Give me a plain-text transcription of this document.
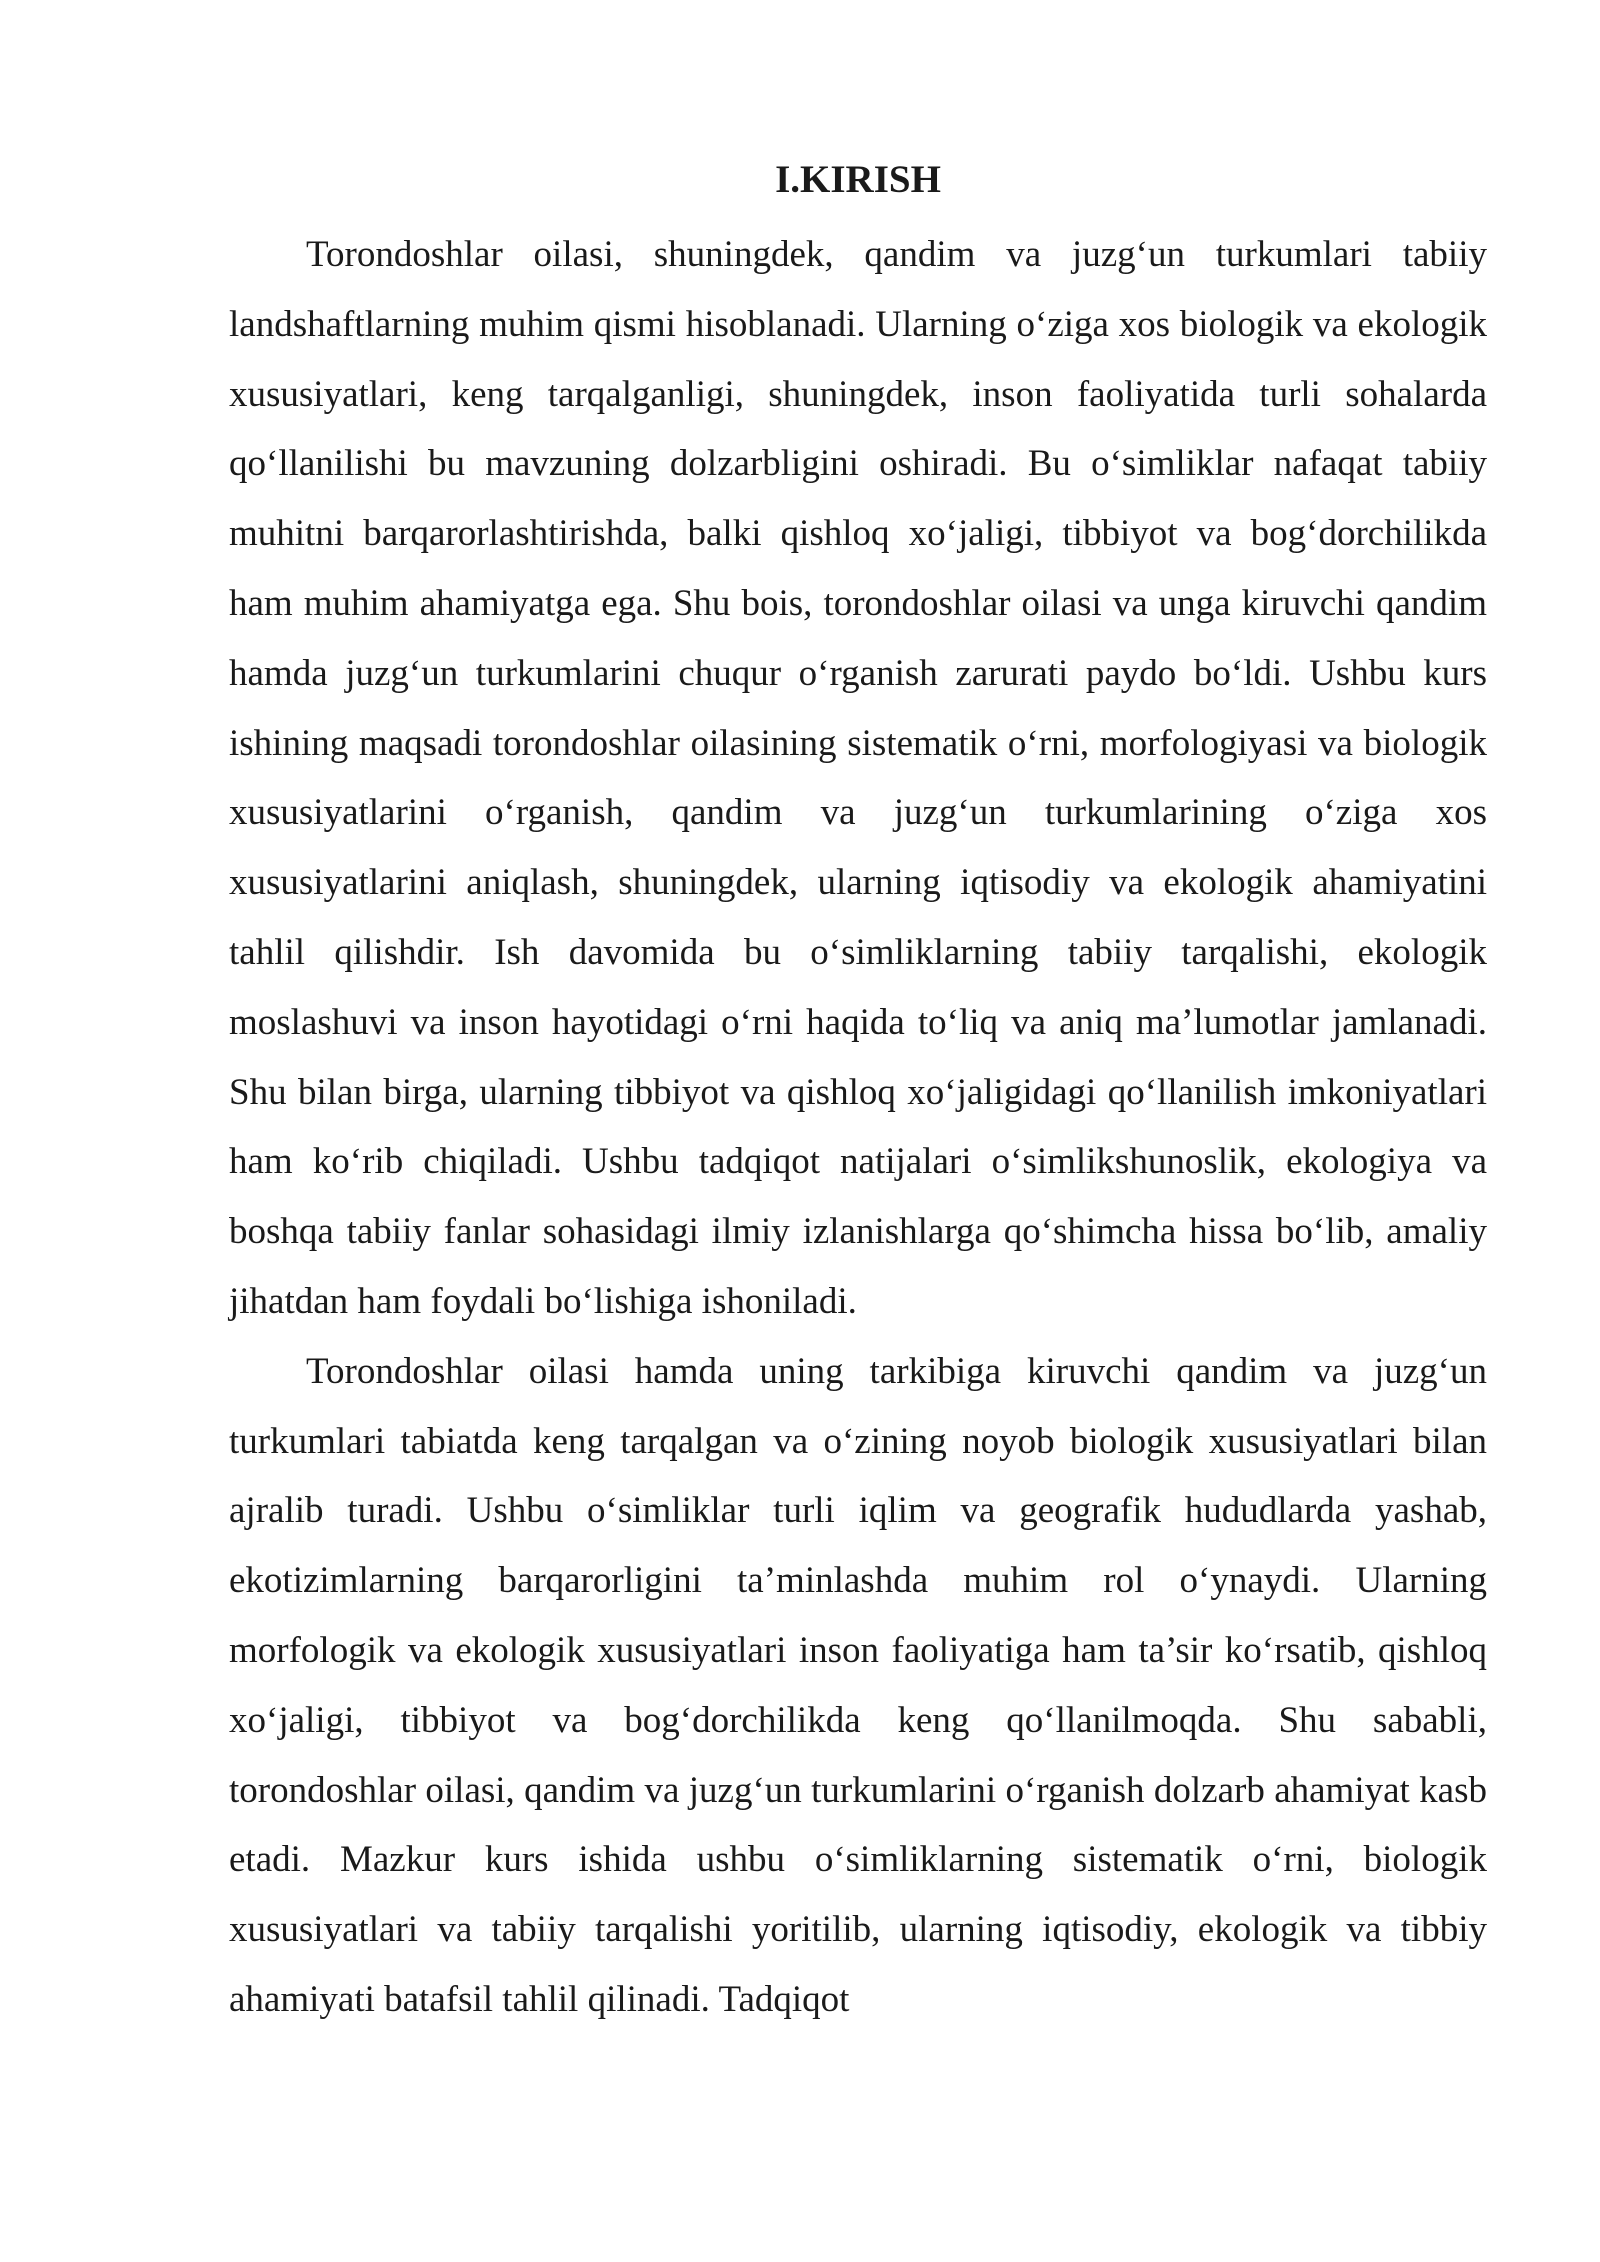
I.KIRISH

Torondoshlar oilasi, shuningdek, qandim va juzg‘un turkumlari tabiiy landshaftlarning muhim qismi hisoblanadi. Ularning o‘ziga xos biologik va ekologik xususiyatlari, keng tarqalganligi, shuningdek, inson faoliyatida turli sohalarda qo‘llanilishi bu mavzuning dolzarbligini oshiradi. Bu o‘simliklar nafaqat tabiiy muhitni barqarorlashtirishda, balki qishloq xo‘jaligi, tibbiyot va bog‘dorchilikda ham muhim ahamiyatga ega. Shu bois, torondoshlar oilasi va unga kiruvchi qandim hamda juzg‘un turkumlarini chuqur o‘rganish zarurati paydo bo‘ldi. Ushbu kurs ishining maqsadi torondoshlar oilasining sistematik o‘rni, morfologiyasi va biologik xususiyatlarini o‘rganish, qandim va juzg‘un turkumlarining o‘ziga xos xususiyatlarini aniqlash, shuningdek, ularning iqtisodiy va ekologik ahamiyatini tahlil qilishdir. Ish davomida bu o‘simliklarning tabiiy tarqalishi, ekologik moslashuvi va inson hayotidagi o‘rni haqida to‘liq va aniq ma’lumotlar jamlanadi. Shu bilan birga, ularning tibbiyot va qishloq xo‘jaligidagi qo‘llanilish imkoniyatlari ham ko‘rib chiqiladi. Ushbu tadqiqot natijalari o‘simlikshunoslik, ekologiya va boshqa tabiiy fanlar sohasidagi ilmiy izlanishlarga qo‘shimcha hissa bo‘lib, amaliy jihatdan ham foydali bo‘lishiga ishoniladi.

Torondoshlar oilasi hamda uning tarkibiga kiruvchi qandim va juzg‘un turkumlari tabiatda keng tarqalgan va o‘zining noyob biologik xususiyatlari bilan ajralib turadi. Ushbu o‘simliklar turli iqlim va geografik hududlarda yashab, ekotizimlarning barqarorligini ta’minlashda muhim rol o‘ynaydi. Ularning morfologik va ekologik xususiyatlari inson faoliyatiga ham ta’sir ko‘rsatib, qishloq xo‘jaligi, tibbiyot va bog‘dorchilikda keng qo‘llanilmoqda. Shu sababli, torondoshlar oilasi, qandim va juzg‘un turkumlarini o‘rganish dolzarb ahamiyat kasb etadi. Mazkur kurs ishida ushbu o‘simliklarning sistematik o‘rni, biologik xususiyatlari va tabiiy tarqalishi yoritilib, ularning iqtisodiy, ekologik va tibbiy ahamiyati batafsil tahlil qilinadi. Tadqiqot
